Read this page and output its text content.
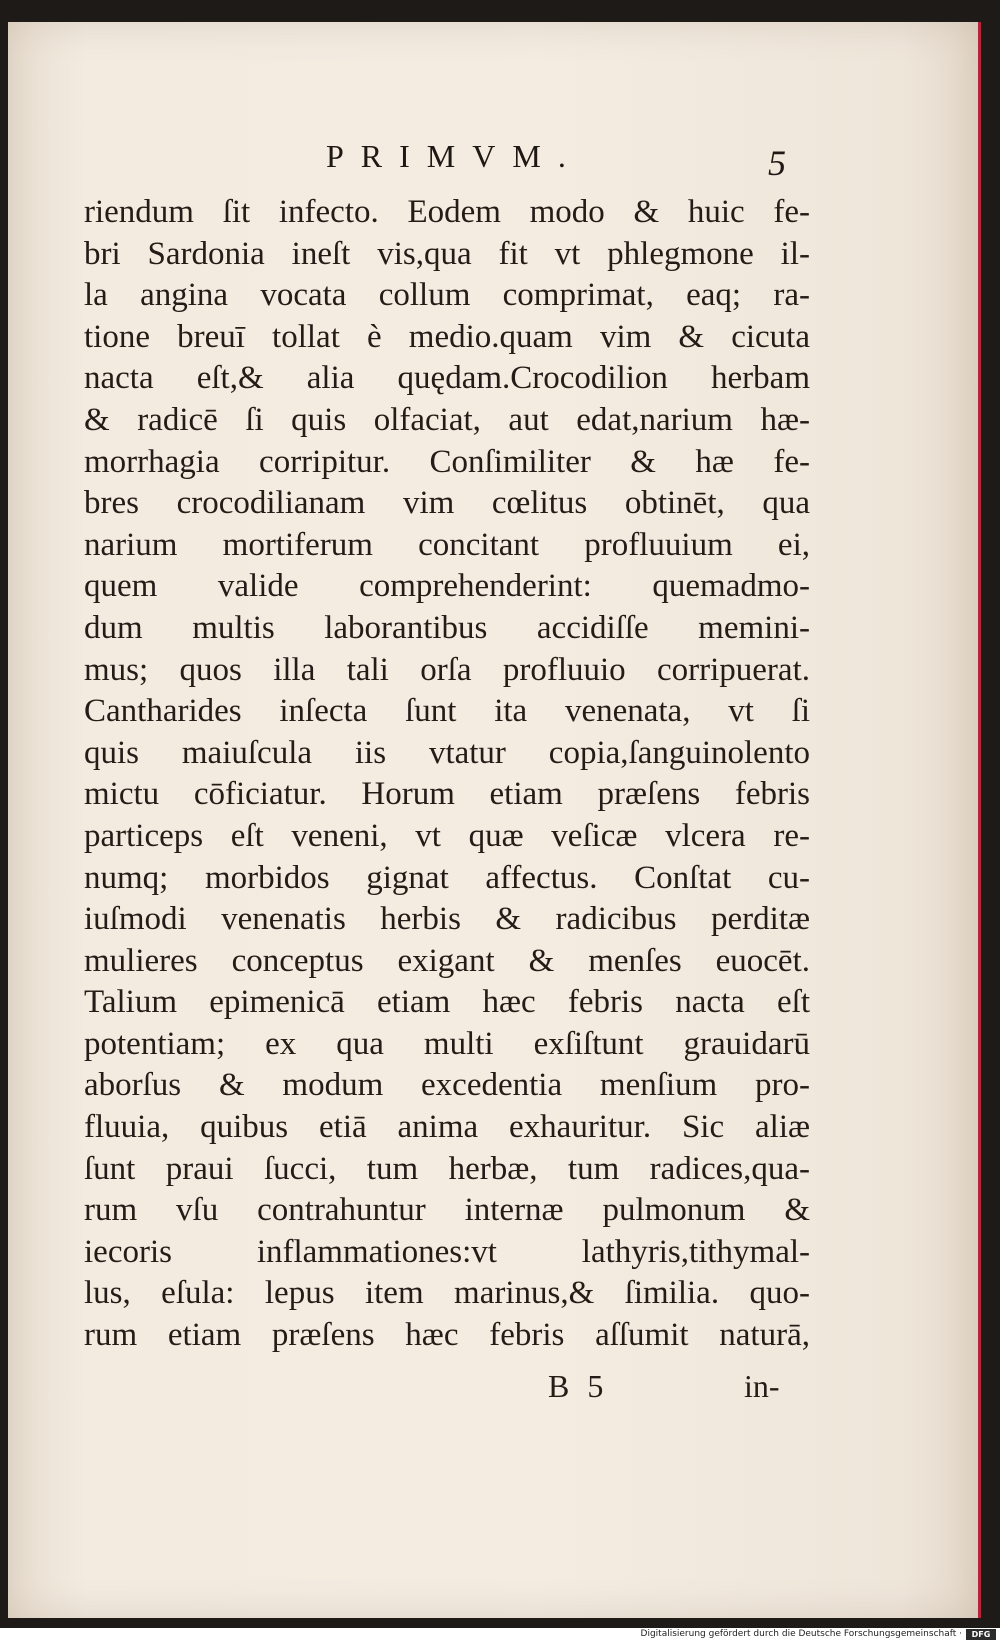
PRIMVM.	5
riendum ſit infecto. Eodem modo & huic fe-
bri Sardonia ineſt vis,qua fit vt phlegmone il-
la angina vocata collum comprimat, eaq; ra-
tione breuī tollat è medio.quam vim & cicuta
nacta eſt,& alia quędam.Crocodilion herbam
& radicē ſi quis olfaciat, aut edat,narium hæ-
morrhagia corripitur. Conſimiliter & hæ fe-
bres crocodilianam vim cœlitus obtinēt, qua
narium mortiferum concitant profluuium ei,
quem valide comprehenderint: quemadmo-
dum multis laborantibus accidiſſe memini-
mus; quos illa tali orſa profluuio corripuerat.
Cantharides inſecta ſunt ita venenata, vt ſi
quis maiuſcula iis vtatur copia,ſanguinolento
mictu cōficiatur. Horum etiam præſens febris
particeps eſt veneni, vt quæ veſicæ vlcera re-
numq; morbidos gignat affectus. Conſtat cu-
iuſmodi venenatis herbis & radicibus perditæ
mulieres conceptus exigant & menſes euocēt.
Talium epimenicā etiam hæc febris nacta eſt
potentiam; ex qua multi exſiſtunt grauidarū
aborſus & modum excedentia menſium pro-
fluuia, quibus etiā anima exhauritur. Sic aliæ
ſunt praui ſucci, tum herbæ, tum radices,qua-
rum vſu contrahuntur internæ pulmonum &
iecoris inflammationes:vt lathyris,tithymal-
lus, eſula: lepus item marinus,& ſimilia. quo-
rum etiam præſens hæc febris aſſumit naturā,
B 5	in-
Digitalisierung gefördert durch die Deutsche Forschungsgemeinschaft ·	DFG
